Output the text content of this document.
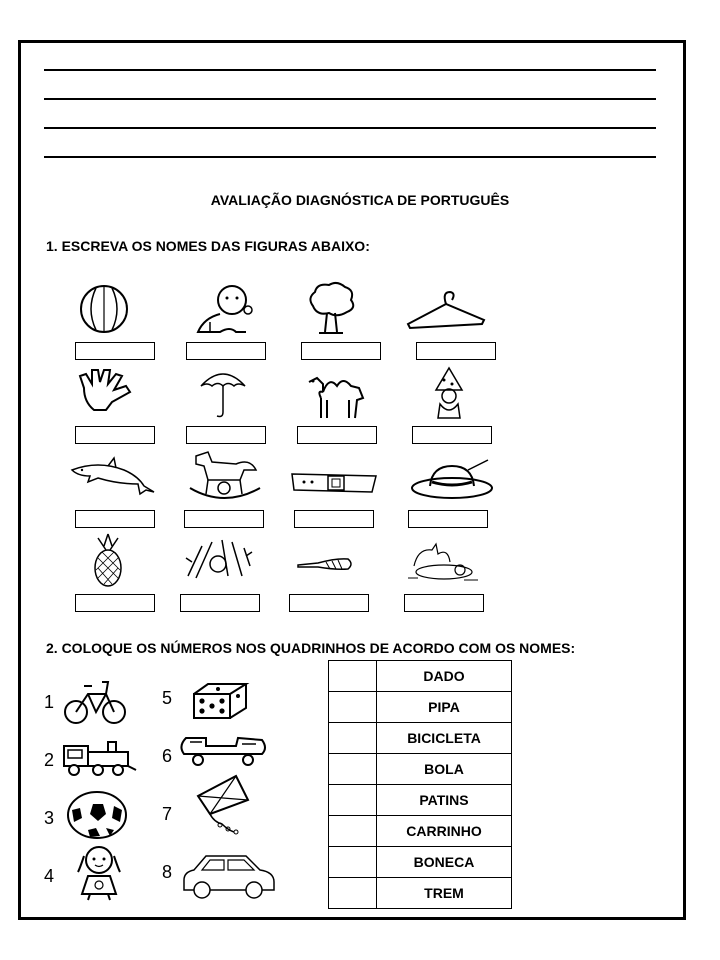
AVALIAÇÃO DIAGNÓSTICA DE PORTUGUÊS
1. ESCREVA OS NOMES DAS FIGURAS ABAIXO:
2. COLOQUE OS NÚMEROS NOS QUADRINHOS DE ACORDO COM OS NOMES:
1
2
3
4
5
6
7
8
	DADO
	PIPA
	BICICLETA
	BOLA
	PATINS
	CARRINHO
	BONECA
	TREM
